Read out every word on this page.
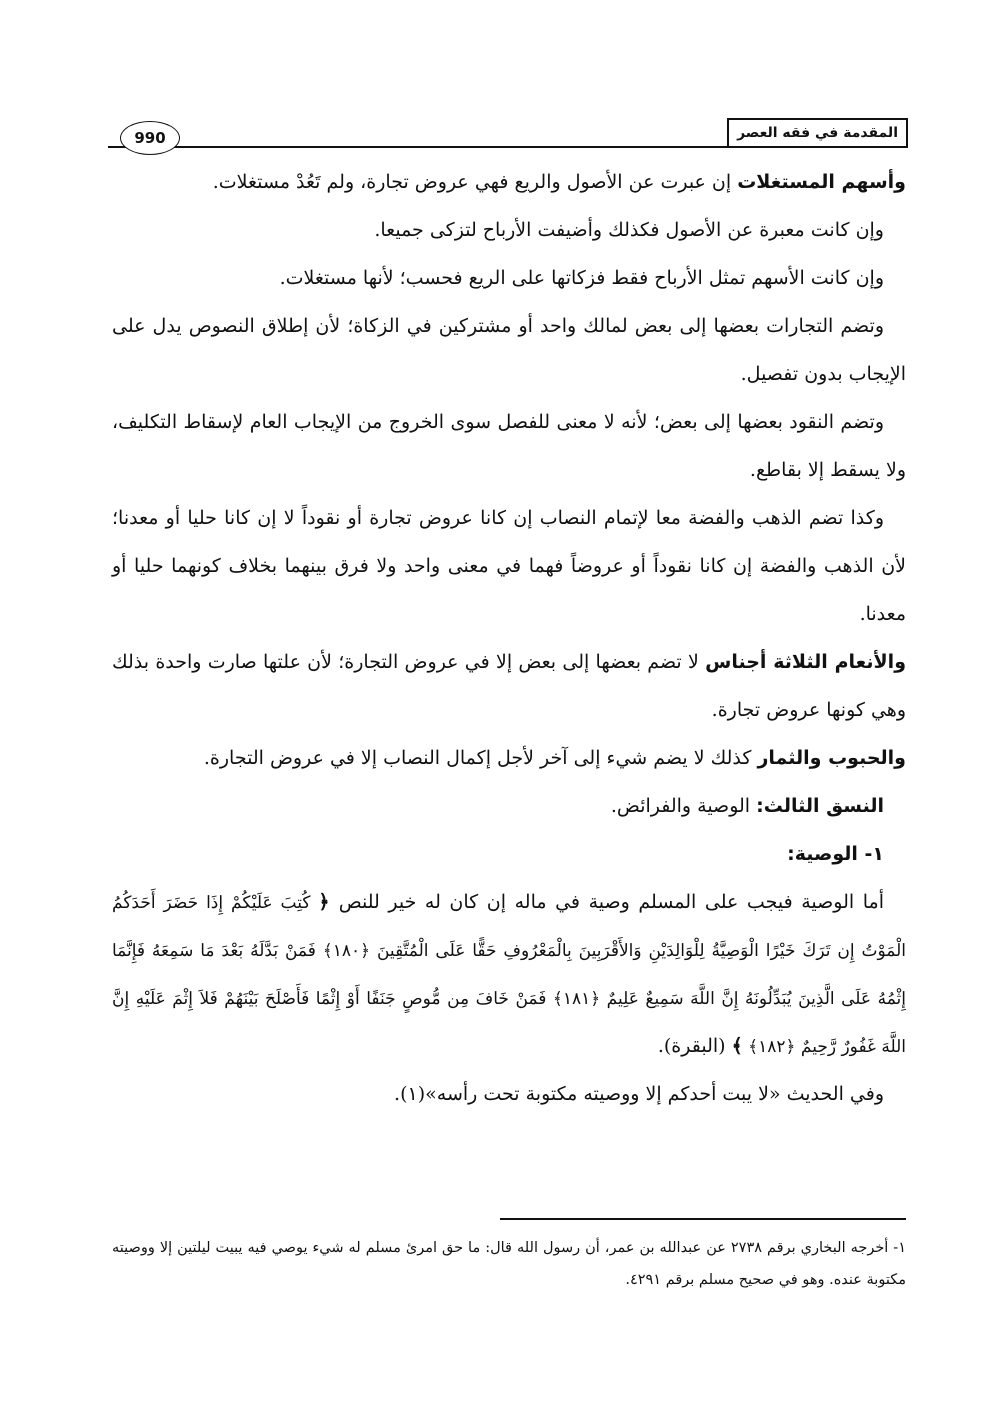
المقدمة في فقه العصر
990

وأسهم المستغلات إن عبرت عن الأصول والريع فهي عروض تجارة، ولم تَعُدْ مستغلات.

وإن كانت معبرة عن الأصول فكذلك وأضيفت الأرباح لتزكى جميعا.

وإن كانت الأسهم تمثل الأرباح فقط فزكاتها على الريع فحسب؛ لأنها مستغلات.

وتضم التجارات بعضها إلى بعض لمالك واحد أو مشتركين في الزكاة؛ لأن إطلاق النصوص يدل على الإيجاب بدون تفصيل.

وتضم النقود بعضها إلى بعض؛ لأنه لا معنى للفصل سوى الخروج من الإيجاب العام لإسقاط التكليف، ولا يسقط إلا بقاطع.

وكذا تضم الذهب والفضة معا لإتمام النصاب إن كانا عروض تجارة أو نقوداً لا إن كانا حليا أو معدنا؛ لأن الذهب والفضة إن كانا نقوداً أو عروضاً فهما في معنى واحد ولا فرق بينهما بخلاف كونهما حليا أو معدنا.

والأنعام الثلاثة أجناس لا تضم بعضها إلى بعض إلا في عروض التجارة؛ لأن علتها صارت واحدة بذلك وهي كونها عروض تجارة.

والحبوب والثمار كذلك لا يضم شيء إلى آخر لأجل إكمال النصاب إلا في عروض التجارة.

النسق الثالث: الوصية والفرائض.

١- الوصية:

أما الوصية فيجب على المسلم وصية في ماله إن كان له خير للنص ﴿ كُتِبَ عَلَيْكُمْ إِذَا حَضَرَ أَحَدَكُمُ الْمَوْتُ إِن تَرَكَ خَيْرًا الْوَصِيَّةُ لِلْوَالِدَيْنِ وَالأَقْرَبِينَ بِالْمَعْرُوفِ حَقًّا عَلَى الْمُتَّقِينَ ﴿١٨٠﴾ فَمَنْ بَدَّلَهُ بَعْدَ مَا سَمِعَهُ فَإِنَّمَا إِثْمُهُ عَلَى الَّذِينَ يُبَدِّلُونَهُ إِنَّ اللَّهَ سَمِيعٌ عَلِيمٌ ﴿١٨١﴾ فَمَنْ خَافَ مِن مُّوصٍ جَنَفًا أَوْ إِثْمًا فَأَصْلَحَ بَيْنَهُمْ فَلاَ إِثْمَ عَلَيْهِ إِنَّ اللَّهَ غَفُورٌ رَّحِيمٌ ﴿١٨٢﴾ ﴾ (البقرة).

وفي الحديث «لا يبت أحدكم إلا ووصيته مكتوبة تحت رأسه»(١).

١- أخرجه البخاري برقم ٢٧٣٨ عن عبدالله بن عمر، أن رسول الله قال: ما حق امرئ مسلم له شيء يوصي فيه يبيت ليلتين إلا ووصيته مكتوبة عنده. وهو في صحيح مسلم برقم ٤٢٩١.
